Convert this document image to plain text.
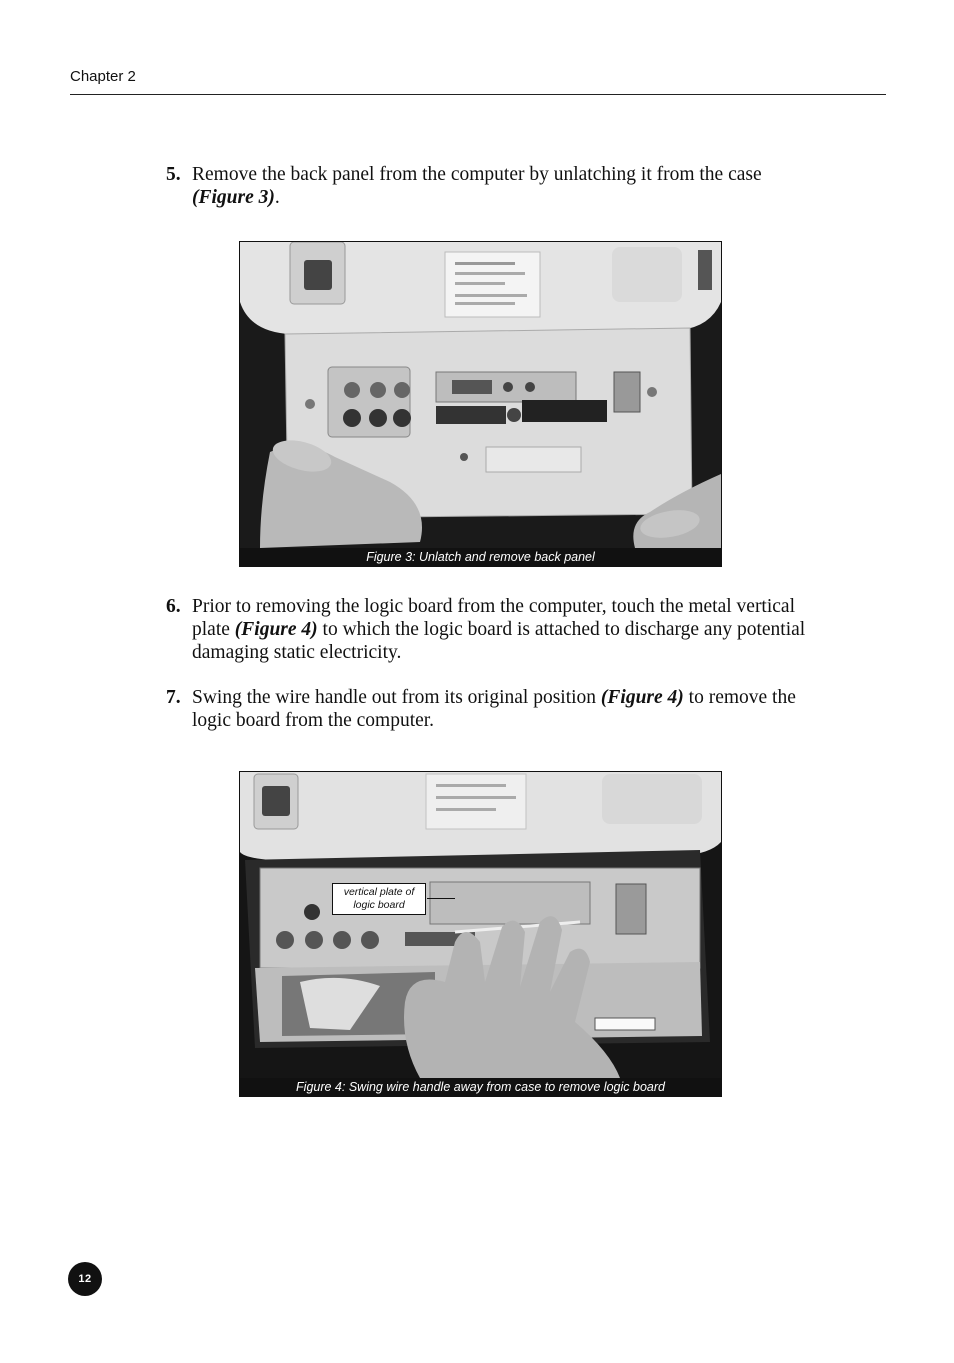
Chapter 2
5. Remove the back panel from the computer by unlatching it from the case (Figure 3).
Figure 3: Unlatch and remove back panel
6. Prior to removing the logic board from the computer, touch the metal vertical plate (Figure 4) to which the logic board is attached to discharge any potential damaging static electricity.
7. Swing the wire handle out from its original position (Figure 4) to remove the logic board from the computer.
vertical plate of logic board
Figure 4: Swing wire handle away from case to remove logic board
12
